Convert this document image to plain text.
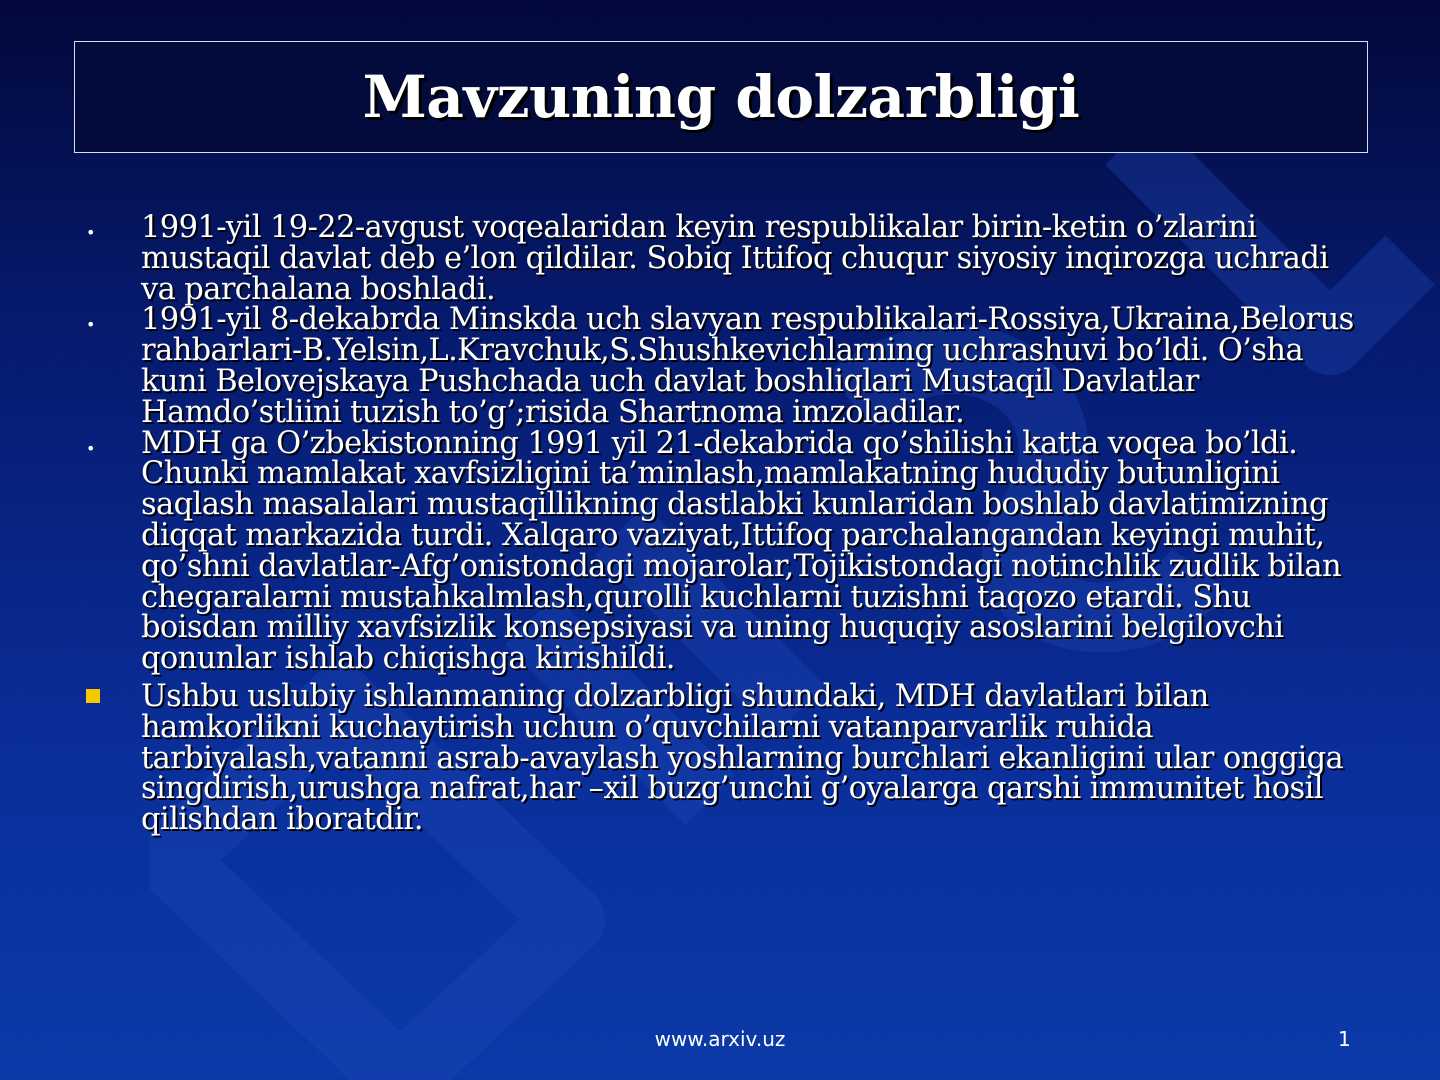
Mavzuning dolzarbligi
•	1991-yil 19-22-avgust voqealaridan keyin respublikalar birin-ketin o’zlarini mustaqil davlat deb e’lon qildilar. Sobiq Ittifoq chuqur siyosiy inqirozga uchradi va parchalana boshladi.
•	1991-yil 8-dekabrda Minskda uch slavyan respublikalari-Rossiya,Ukraina,Belorus rahbarlari-B.Yelsin,L.Kravchuk,S.Shushkevichlarning uchrashuvi bo’ldi. O’sha kuni Belovejskaya Pushchada uch davlat boshliqlari Mustaqil Davlatlar Hamdo’stliini tuzish to’g’;risida Shartnoma imzoladilar.
•	MDH ga O’zbekistonning 1991 yil 21-dekabrida qo’shilishi katta voqea bo’ldi. Chunki mamlakat xavfsizligini ta’minlash,mamlakatning hududiy butunligini saqlash masalalari mustaqillikning dastlabki kunlaridan boshlab davlatimizning diqqat markazida turdi. Xalqaro vaziyat,Ittifoq parchalangandan keyingi muhit, qo’shni davlatlar-Afg’onistondagi mojarolar,Tojikistondagi notinchlik zudlik bilan chegaralarni mustahkalmlash,qurolli kuchlarni tuzishni taqozo etardi. Shu boisdan milliy xavfsizlik konsepsiyasi va uning huquqiy asoslarini belgilovchi qonunlar ishlab chiqishga kirishildi.
Ushbu uslubiy ishlanmaning dolzarbligi shundaki, MDH davlatlari bilan hamkorlikni kuchaytirish uchun o’quvchilarni vatanparvarlik ruhida tarbiyalash,vatanni asrab-avaylash yoshlarning burchlari ekanligini ular onggiga singdirish,urushga nafrat,har –xil buzg’unchi g’oyalarga qarshi immunitet hosil qilishdan iboratdir.
www.arxiv.uz	1
